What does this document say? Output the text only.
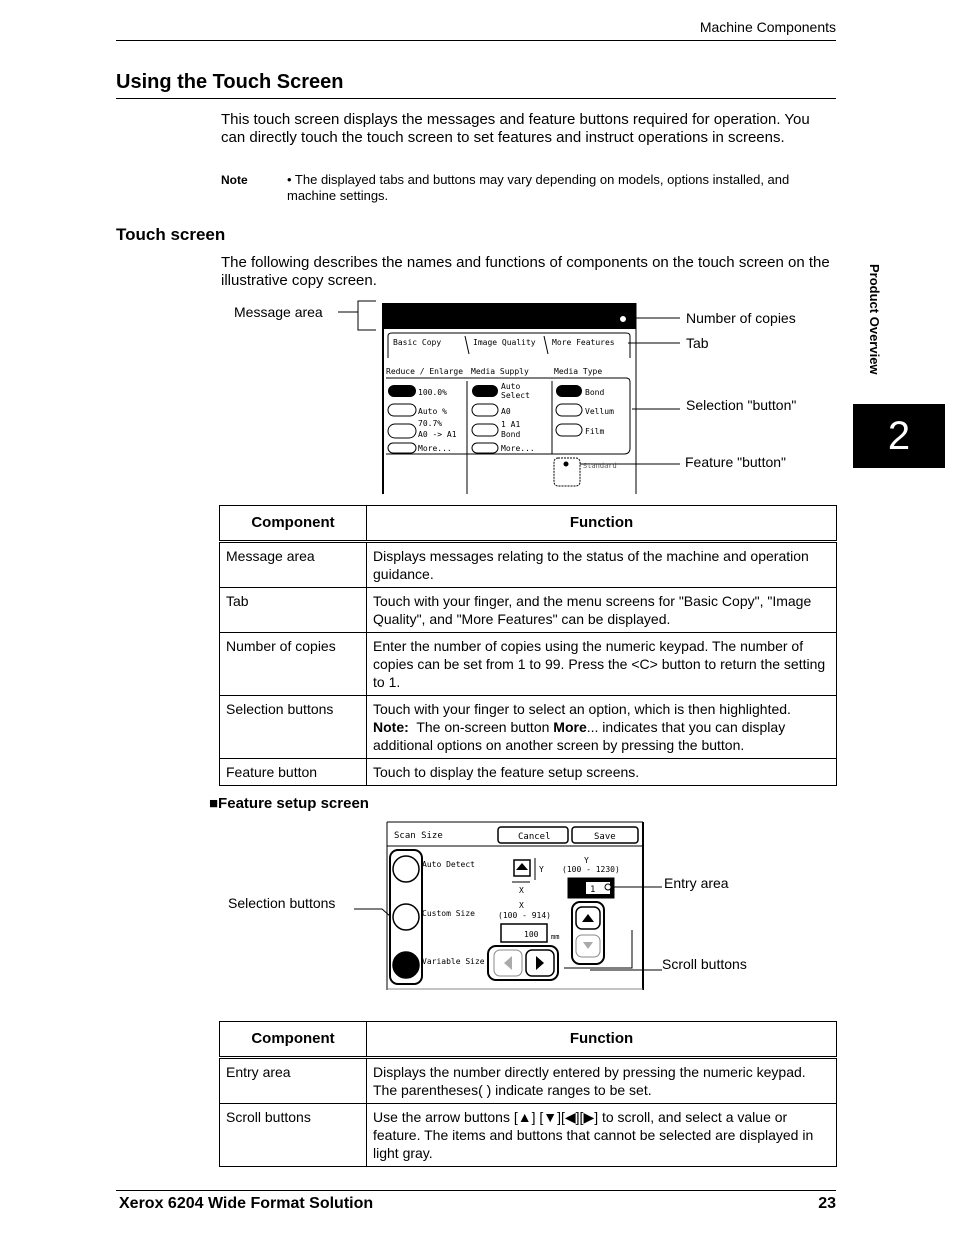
Machine Components
Using the Touch Screen
This touch screen displays the messages and feature buttons required for operation. You can directly touch the touch screen to set features and instruct operations in screens.
Note	• The displayed tabs and buttons may vary depending on models, options installed, and machine settings.
Touch screen
The following describes the names and functions of components on the touch screen on the illustrative copy screen.
Message area	Number of copies
Tab
Selection "button"
Feature "button"
Basic Copy	Image Quality More Features
Reduce / Enlarge Media Supply	Media Type
100.0%
Auto %
70.7%
A0 -> A1
More...
Auto
Select
A0
1 A1
Bond
More...
Bond
Vellum
Film
Standard
Component	Function
Message area	Displays messages relating to the status of the machine and operation guidance.
Tab	Touch with your finger, and the menu screens for "Basic Copy", "Image Quality", and "More Features" can be displayed.
Number of copies	Enter the number of copies using the numeric keypad. The number of copies can be set from 1 to 99. Press the <C> button to return the setting to 1.
Selection buttons	Touch with your finger to select an option, which is then highlighted.
Note: The on-screen button More... indicates that you can display additional options on another screen by pressing the button.
Feature button	Touch to display the feature setup screens.
■Feature setup screen
Selection buttons
Entry area
Scroll buttons
Scan Size	Cancel	Save
Auto Detect
Custom Size
Variable Size
Y
X
Y
(100 - 1230)
1
X
(100 - 914)
100 mm
Component	Function
Entry area	Displays the number directly entered by pressing the numeric keypad. The parentheses( ) indicate ranges to be set.
Scroll buttons	Use the arrow buttons [▲] [▼][◀][▶] to scroll, and select a value or feature. The items and buttons that cannot be selected are displayed in light gray.
Product Overview
2
Xerox 6204 Wide Format Solution	23
